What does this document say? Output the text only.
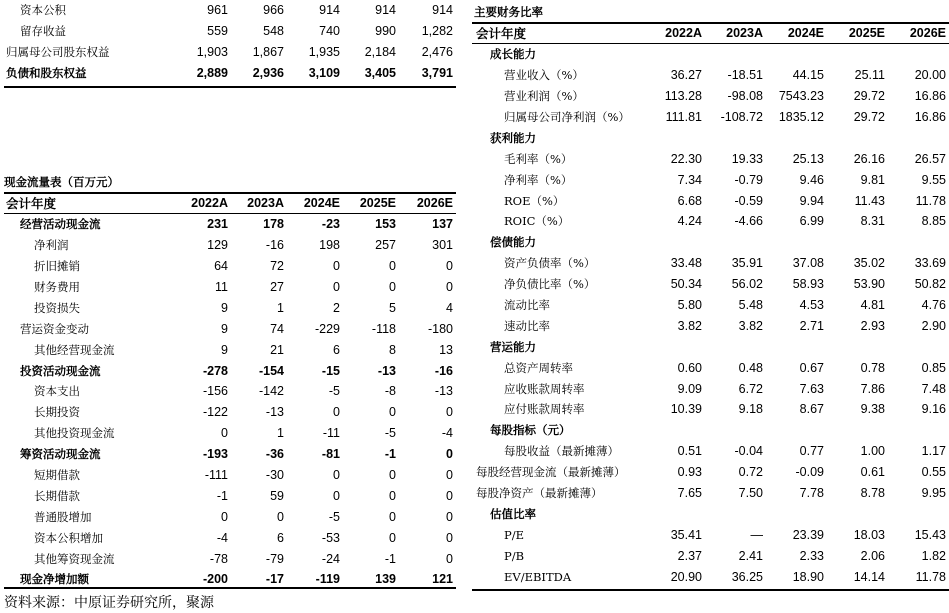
资本公积	961	966	914	914	914
留存收益	559	548	740	990	1,282
归属母公司股东权益	1,903	1,867	1,935	2,184	2,476
负债和股东权益	2,889	2,936	3,109	3,405	3,791
现金流量表（百万元）
会计年度	2022A	2023A	2024E	2025E	2026E
经营活动现金流	231	178	-23	153	137
净利润	129	-16	198	257	301
折旧摊销	64	72	0	0	0
财务费用	11	27	0	0	0
投资损失	9	1	2	5	4
营运资金变动	9	74	-229	-118	-180
其他经营现金流	9	21	6	8	13
投资活动现金流	-278	-154	-15	-13	-16
资本支出	-156	-142	-5	-8	-13
长期投资	-122	-13	0	0	0
其他投资现金流	0	1	-11	-5	-4
筹资活动现金流	-193	-36	-81	-1	0
短期借款	-111	-30	0	0	0
长期借款	-1	59	0	0	0
普通股增加	0	0	-5	0	0
资本公积增加	-4	6	-53	0	0
其他筹资现金流	-78	-79	-24	-1	0
现金净增加额	-200	-17	-119	139	121
主要财务比率
会计年度	2022A	2023A	2024E	2025E	2026E
成长能力					
营业收入（%）	36.27	-18.51	44.15	25.11	20.00
营业利润（%）	113.28	-98.08	7543.23	29.72	16.86
归属母公司净利润（%）	111.81	-108.72	1835.12	29.72	16.86
获利能力					
毛利率（%）	22.30	19.33	25.13	26.16	26.57
净利率（%）	7.34	-0.79	9.46	9.81	9.55
ROE（%）	6.68	-0.59	9.94	11.43	11.78
ROIC（%）	4.24	-4.66	6.99	8.31	8.85
偿债能力					
资产负债率（%）	33.48	35.91	37.08	35.02	33.69
净负债比率（%）	50.34	56.02	58.93	53.90	50.82
流动比率	5.80	5.48	4.53	4.81	4.76
速动比率	3.82	3.82	2.71	2.93	2.90
营运能力					
总资产周转率	0.60	0.48	0.67	0.78	0.85
应收账款周转率	9.09	6.72	7.63	7.86	7.48
应付账款周转率	10.39	9.18	8.67	9.38	9.16
每股指标（元）					
每股收益（最新摊薄）	0.51	-0.04	0.77	1.00	1.17
每股经营现金流（最新摊薄）	0.93	0.72	-0.09	0.61	0.55
每股净资产（最新摊薄）	7.65	7.50	7.78	8.78	9.95
估值比率					
P/E	35.41	—	23.39	18.03	15.43
P/B	2.37	2.41	2.33	2.06	1.82
EV/EBITDA	20.90	36.25	18.90	14.14	11.78
资料来源：中原证券研究所，聚源
